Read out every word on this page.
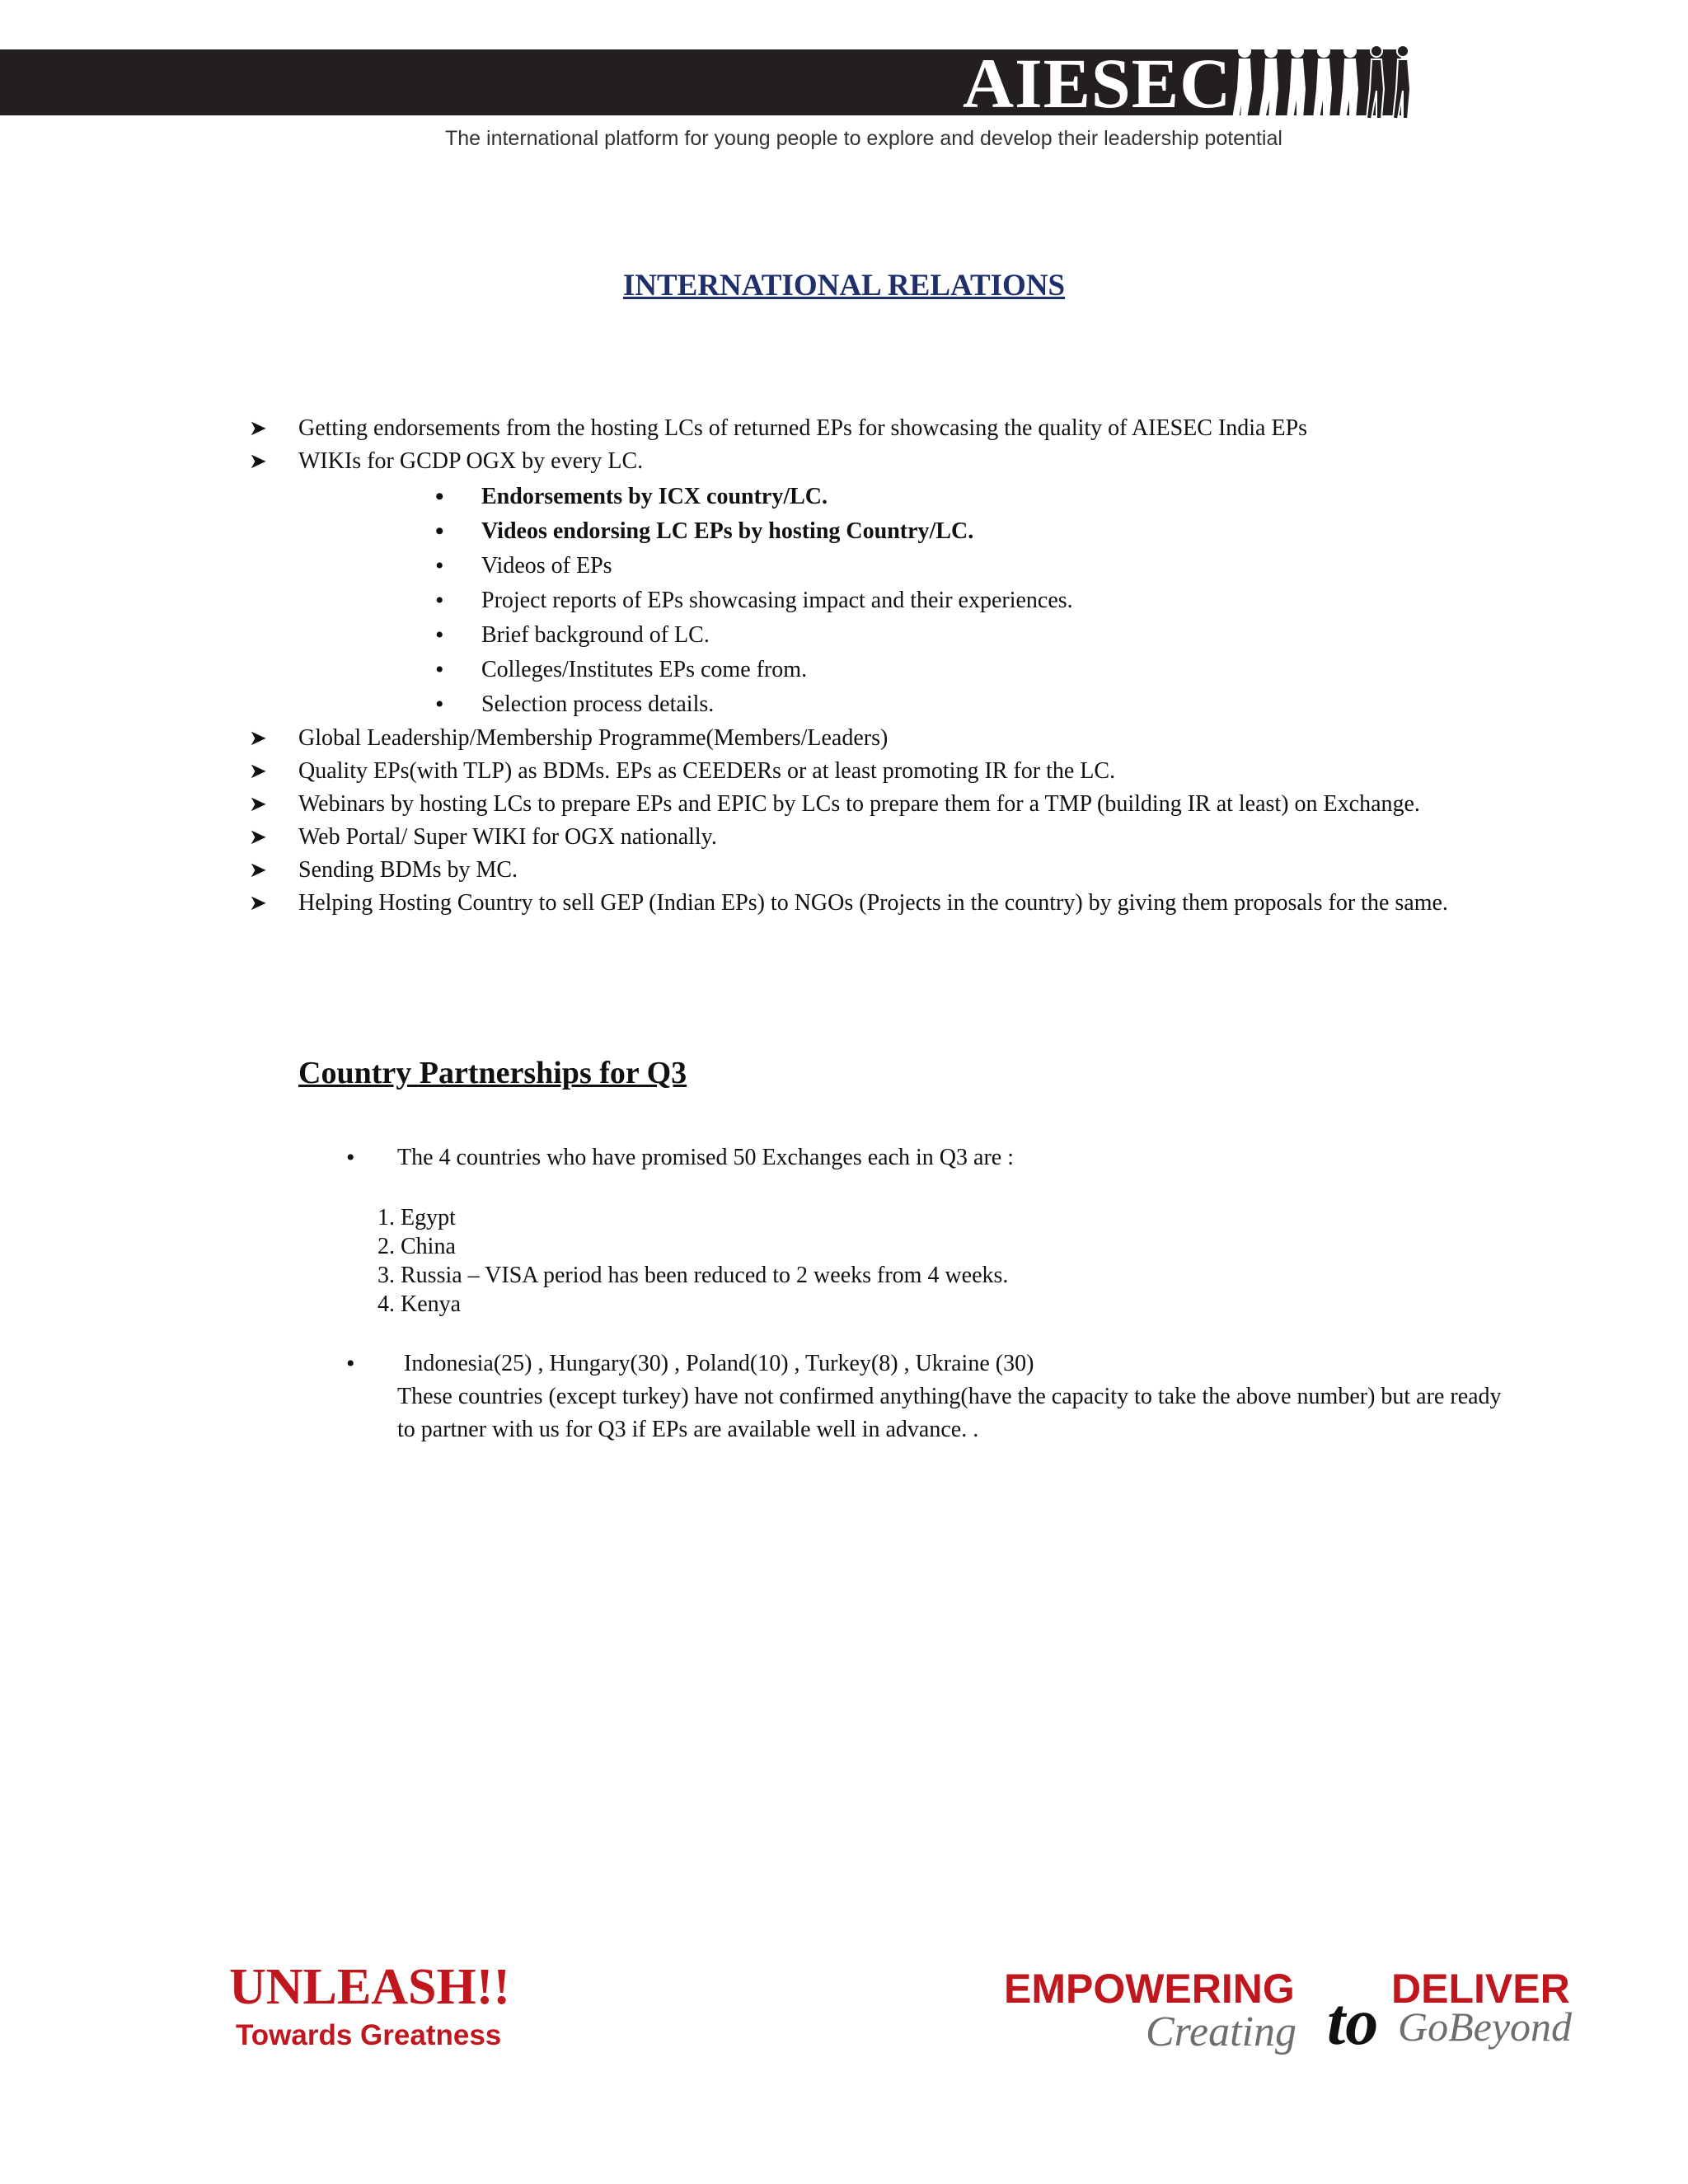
AIESEC
The international platform for young people to explore and develop their leadership potential
INTERNATIONAL RELATIONS
➤ Getting endorsements from the hosting LCs of returned EPs for showcasing the quality of AIESEC India EPs
➤ WIKIs for GCDP OGX by every LC.
•
Endorsements by ICX country/LC.
•
Videos endorsing LC EPs by hosting Country/LC.
•
Videos of EPs
•
Project reports of EPs showcasing impact and their experiences.
•
Brief background of LC.
•
Colleges/Institutes EPs come from.
•
Selection process details.
➤ Global Leadership/Membership Programme(Members/Leaders)
➤ Quality EPs(with TLP) as BDMs. EPs as CEEDERs or at least promoting IR for the LC.
➤ Webinars by hosting LCs to prepare EPs and EPIC by LCs to prepare them for a TMP (building IR at least) on Exchange.
➤ Web Portal/ Super WIKI for OGX nationally.
➤ Sending BDMs by MC.
➤ Helping Hosting Country to sell GEP (Indian EPs) to NGOs (Projects in the country) by giving them proposals for the same.
Country Partnerships for Q3
•
The 4 countries who have promised 50 Exchanges each in Q3 are :
1. Egypt
2. China
3. Russia – VISA period has been reduced to 2 weeks from 4 weeks.
4. Kenya
•
Indonesia(25) , Hungary(30) , Poland(10) , Turkey(8) , Ukraine (30)
These countries (except turkey) have not confirmed anything(have the capacity to take the above number) but are ready to partner with us for Q3 if EPs are available well in advance. .
UNLEASH!!
Towards Greatness
EMPOWERING DELIVER
to
Creating GoBeyond
